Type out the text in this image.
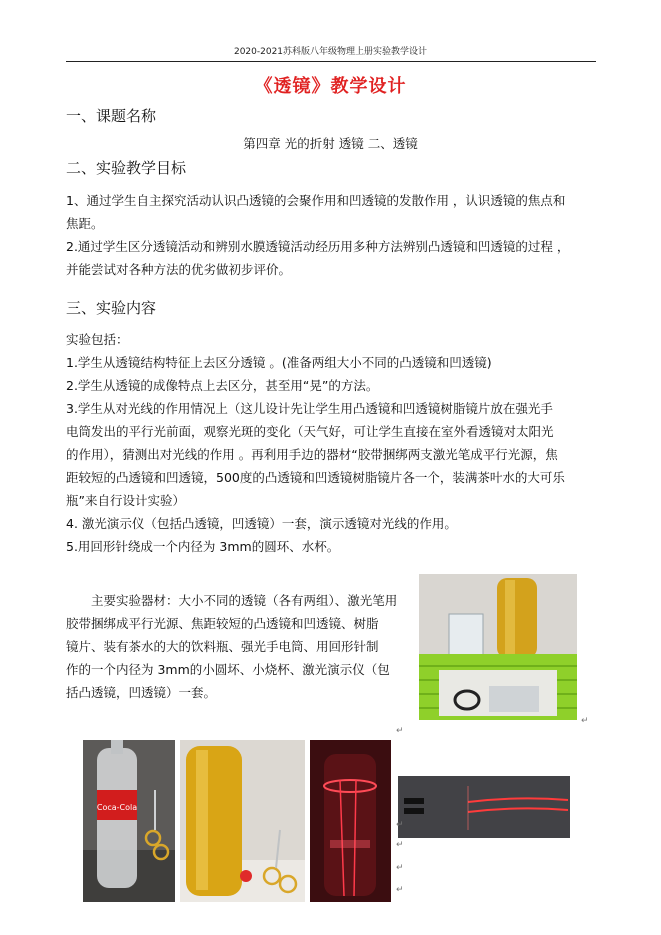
2020-2021苏科版八年级物理上册实验教学设计
《透镜》教学设计
一、课题名称
第四章 光的折射 透镜 二、透镜
二、实验教学目标
1、通过学生自主探究活动认识凸透镜的会聚作用和凹透镜的发散作用 ，认识透镜的焦点和
焦距。
2.通过学生区分透镜活动和辨别水膜透镜活动经历用多种方法辨别凸透镜和凹透镜的过程 ，
并能尝试对各种方法的优劣做初步评价。
三、实验内容
实验包括：
1.学生从透镜结构特征上去区分透镜 。(准备两组大小不同的凸透镜和凹透镜)
2.学生从透镜的成像特点上去区分，甚至用“晃”的方法。
3.学生从对光线的作用情况上（这儿设计先让学生用凸透镜和凹透镜树脂镜片放在强光手
电筒发出的平行光前面，观察光斑的变化（天气好，可让学生直接在室外看透镜对太阳光
的作用），猜测出对光线的作用 。再利用手边的器材“胶带捆绑两支激光笔成平行光源，焦
距较短的凸透镜和凹透镜，500度的凸透镜和凹透镜树脂镜片各一个，装满茶叶水的大可乐
瓶”来自行设计实验）
4. 激光演示仪（包括凸透镜，凹透镜）一套，演示透镜对光线的作用。
5.用回形针绕成一个内径为 3mm的圆环、水杯。
主要实验器材：大小不同的透镜（各有两组）、激光笔用
胶带捆绑成平行光源、焦距较短的凸透镜和凹透镜、树脂
镜片、装有茶水的大的饮料瓶、强光手电筒、用回形针制
作的一个内径为 3mm的小圆坏、小烧杯、激光演示仪（包
括凸透镜，凹透镜）一套。
↵
Coca-Cola
↵
↵
↵
↵
↵
